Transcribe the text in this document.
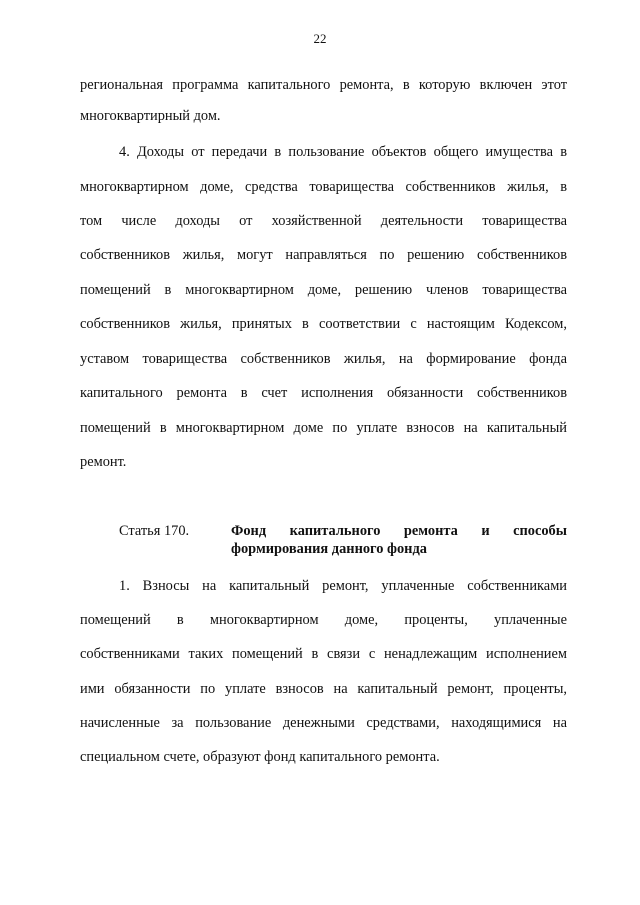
22
региональная программа капитального ремонта, в которую включен этот
многоквартирный дом.
4. Доходы от передачи в пользование объектов общего имущества в
многоквартирном доме, средства товарищества собственников жилья, в
том числе доходы от хозяйственной деятельности товарищества
собственников жилья, могут направляться по решению собственников
помещений в многоквартирном доме, решению членов товарищества
собственников жилья, принятых в соответствии с настоящим Кодексом,
уставом товарищества собственников жилья, на формирование фонда
капитального ремонта в счет исполнения обязанности собственников
помещений в многоквартирном доме по уплате взносов на капитальный
ремонт.
Статья 170.	Фонд капитального ремонта и способы
формирования данного фонда
1. Взносы на капитальный ремонт, уплаченные собственниками
помещений в многоквартирном доме, проценты, уплаченные
собственниками таких помещений в связи с ненадлежащим исполнением
ими обязанности по уплате взносов на капитальный ремонт, проценты,
начисленные за пользование денежными средствами, находящимися на
специальном счете, образуют фонд капитального ремонта.
